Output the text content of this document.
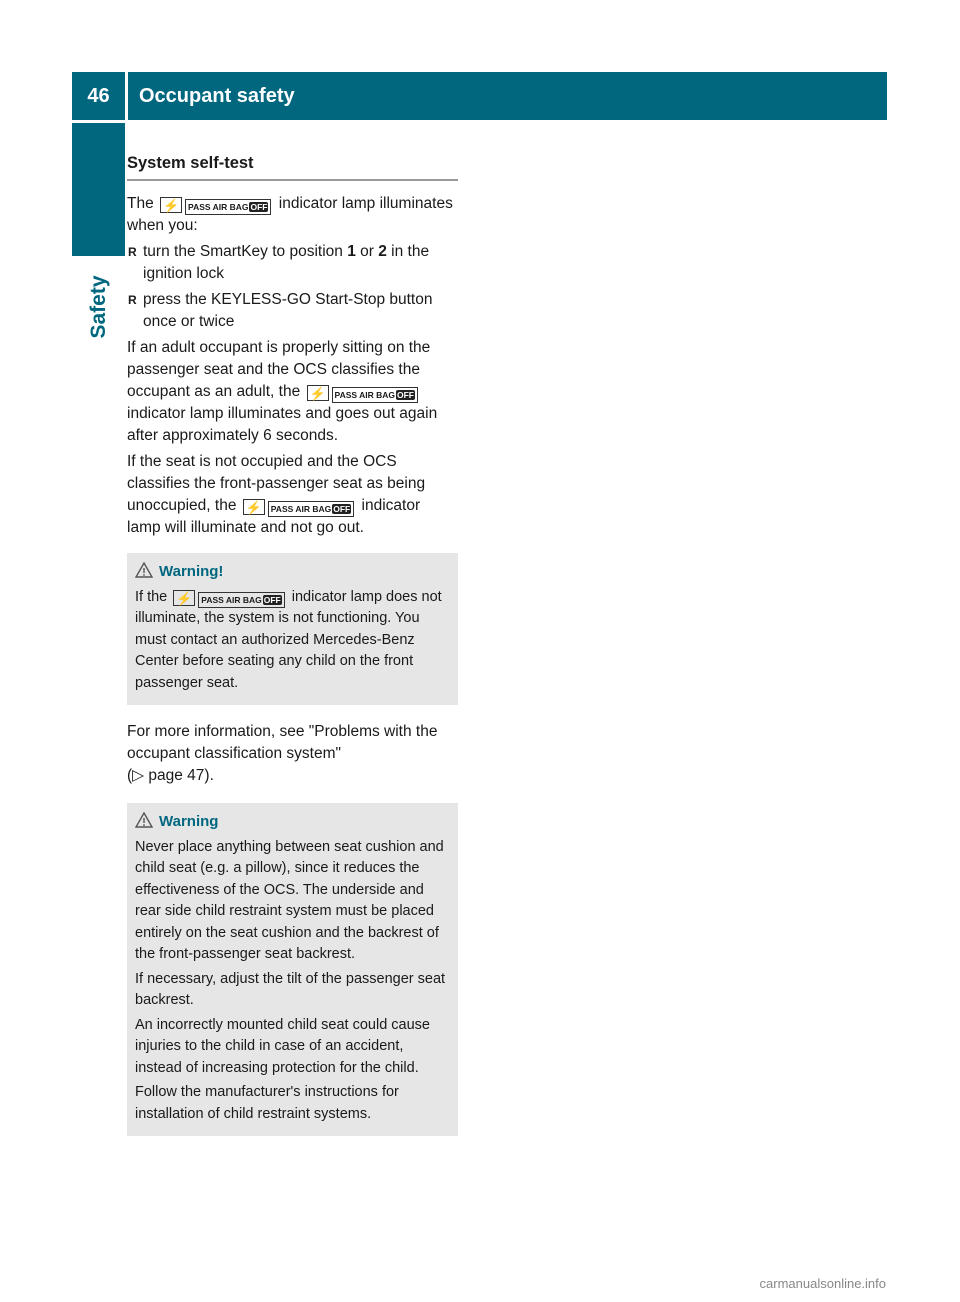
46	Occupant safety
Safety
System self-test

The ⚡ PASS AIR BAG OFF indicator lamp illuminates when you:

R turn the SmartKey to position 1 or 2 in the ignition lock
R press the KEYLESS-GO Start-Stop button once or twice

If an adult occupant is properly sitting on the passenger seat and the OCS classifies the occupant as an adult, the ⚡ PASS AIR BAG OFF indicator lamp illuminates and goes out again after approximately 6 seconds.

If the seat is not occupied and the OCS classifies the front-passenger seat as being unoccupied, the ⚡ PASS AIR BAG OFF indicator lamp will illuminate and not go out.

Warning!

If the ⚡ PASS AIR BAG OFF indicator lamp does not illuminate, the system is not functioning. You must contact an authorized Mercedes-Benz Center before seating any child on the front passenger seat.

For more information, see "Problems with the occupant classification system"
(▷ page 47).

Warning

Never place anything between seat cushion and child seat (e.g. a pillow), since it reduces the effectiveness of the OCS. The underside and rear side child restraint system must be placed entirely on the seat cushion and the backrest of the front-passenger seat backrest.

If necessary, adjust the tilt of the passenger seat backrest.

An incorrectly mounted child seat could cause injuries to the child in case of an accident, instead of increasing protection for the child.

Follow the manufacturer's instructions for installation of child restraint systems.

carmanualsonline.info
